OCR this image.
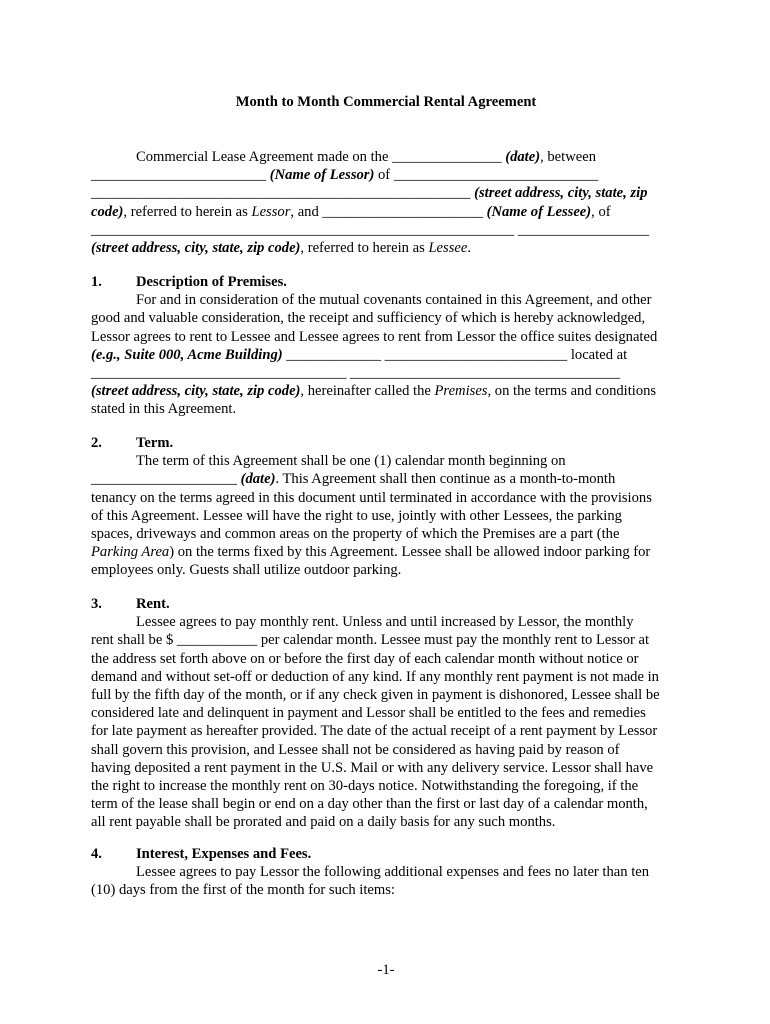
Month to Month Commercial Rental Agreement
Commercial Lease Agreement made on the _______________ (date), between
________________________ (Name of Lessor) of ____________________________
____________________________________________________ (street address, city, state, zip
code), referred to herein as Lessor, and ______________________ (Name of Lessee), of
__________________________________________________________ __________________
(street address, city, state, zip code), referred to herein as Lessee.
1. Description of Premises.
For and in consideration of the mutual covenants contained in this Agreement, and other
good and valuable consideration, the receipt and sufficiency of which is hereby acknowledged,
Lessor agrees to rent to Lessee and Lessee agrees to rent from Lessor the office suites designated
(e.g., Suite 000, Acme Building) _____________ _________________________ located at
___________________________________ _____________________________________
(street address, city, state, zip code), hereinafter called the Premises, on the terms and conditions
stated in this Agreement.
2. Term.
The term of this Agreement shall be one (1) calendar month beginning on
____________________ (date). This Agreement shall then continue as a month-to-month
tenancy on the terms agreed in this document until terminated in accordance with the provisions
of this Agreement. Lessee will have the right to use, jointly with other Lessees, the parking
spaces, driveways and common areas on the property of which the Premises are a part (the
Parking Area) on the terms fixed by this Agreement. Lessee shall be allowed indoor parking for
employees only. Guests shall utilize outdoor parking.
3. Rent.
Lessee agrees to pay monthly rent. Unless and until increased by Lessor, the monthly
rent shall be $ ___________ per calendar month. Lessee must pay the monthly rent to Lessor at
the address set forth above on or before the first day of each calendar month without notice or
demand and without set-off or deduction of any kind. If any monthly rent payment is not made in
full by the fifth day of the month, or if any check given in payment is dishonored, Lessee shall be
considered late and delinquent in payment and Lessor shall be entitled to the fees and remedies
for late payment as hereafter provided. The date of the actual receipt of a rent payment by Lessor
shall govern this provision, and Lessee shall not be considered as having paid by reason of
having deposited a rent payment in the U.S. Mail or with any delivery service. Lessor shall have
the right to increase the monthly rent on 30-days notice. Notwithstanding the foregoing, if the
term of the lease shall begin or end on a day other than the first or last day of a calendar month,
all rent payable shall be prorated and paid on a daily basis for any such months.
4. Interest, Expenses and Fees.
Lessee agrees to pay Lessor the following additional expenses and fees no later than ten
(10) days from the first of the month for such items:
-1-
